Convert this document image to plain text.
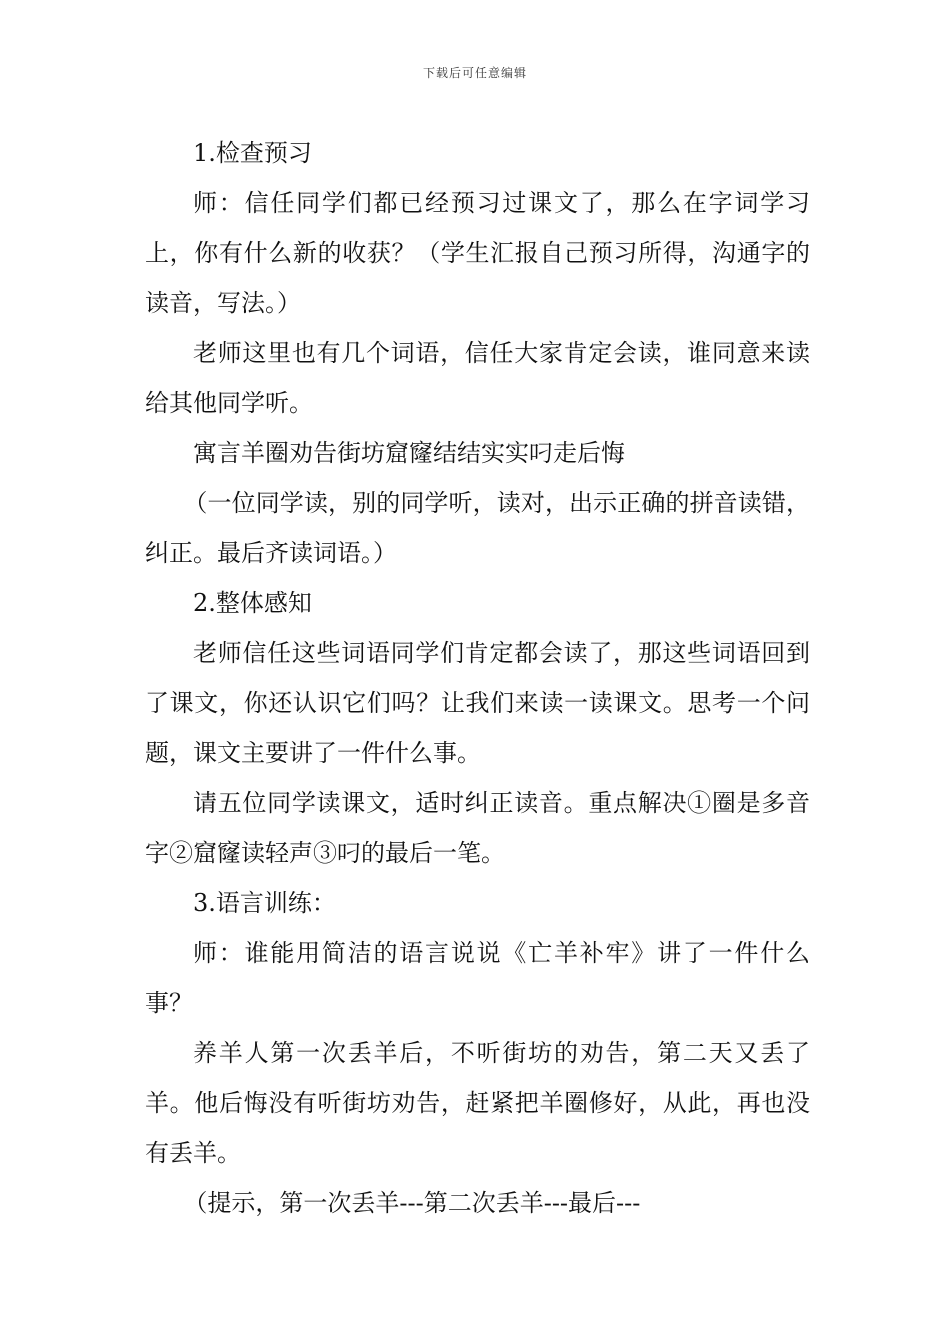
下载后可任意编辑

1.检查预习

师：信任同学们都已经预习过课文了，那么在字词学习上，你有什么新的收获？（学生汇报自己预习所得，沟通字的读音，写法。）

老师这里也有几个词语，信任大家肯定会读，谁同意来读给其他同学听。

寓言羊圈劝告街坊窟窿结结实实叼走后悔

（一位同学读，别的同学听，读对，出示正确的拼音读错，纠正。最后齐读词语。）

2.整体感知

老师信任这些词语同学们肯定都会读了，那这些词语回到了课文，你还认识它们吗？让我们来读一读课文。思考一个问题，课文主要讲了一件什么事。

请五位同学读课文，适时纠正读音。重点解决①圈是多音字②窟窿读轻声③叼的最后一笔。

3.语言训练：

师：谁能用简洁的语言说说《亡羊补牢》讲了一件什么事？

养羊人第一次丢羊后，不听街坊的劝告，第二天又丢了羊。他后悔没有听街坊劝告，赶紧把羊圈修好，从此，再也没有丢羊。

（提示，第一次丢羊---第二次丢羊---最后---
